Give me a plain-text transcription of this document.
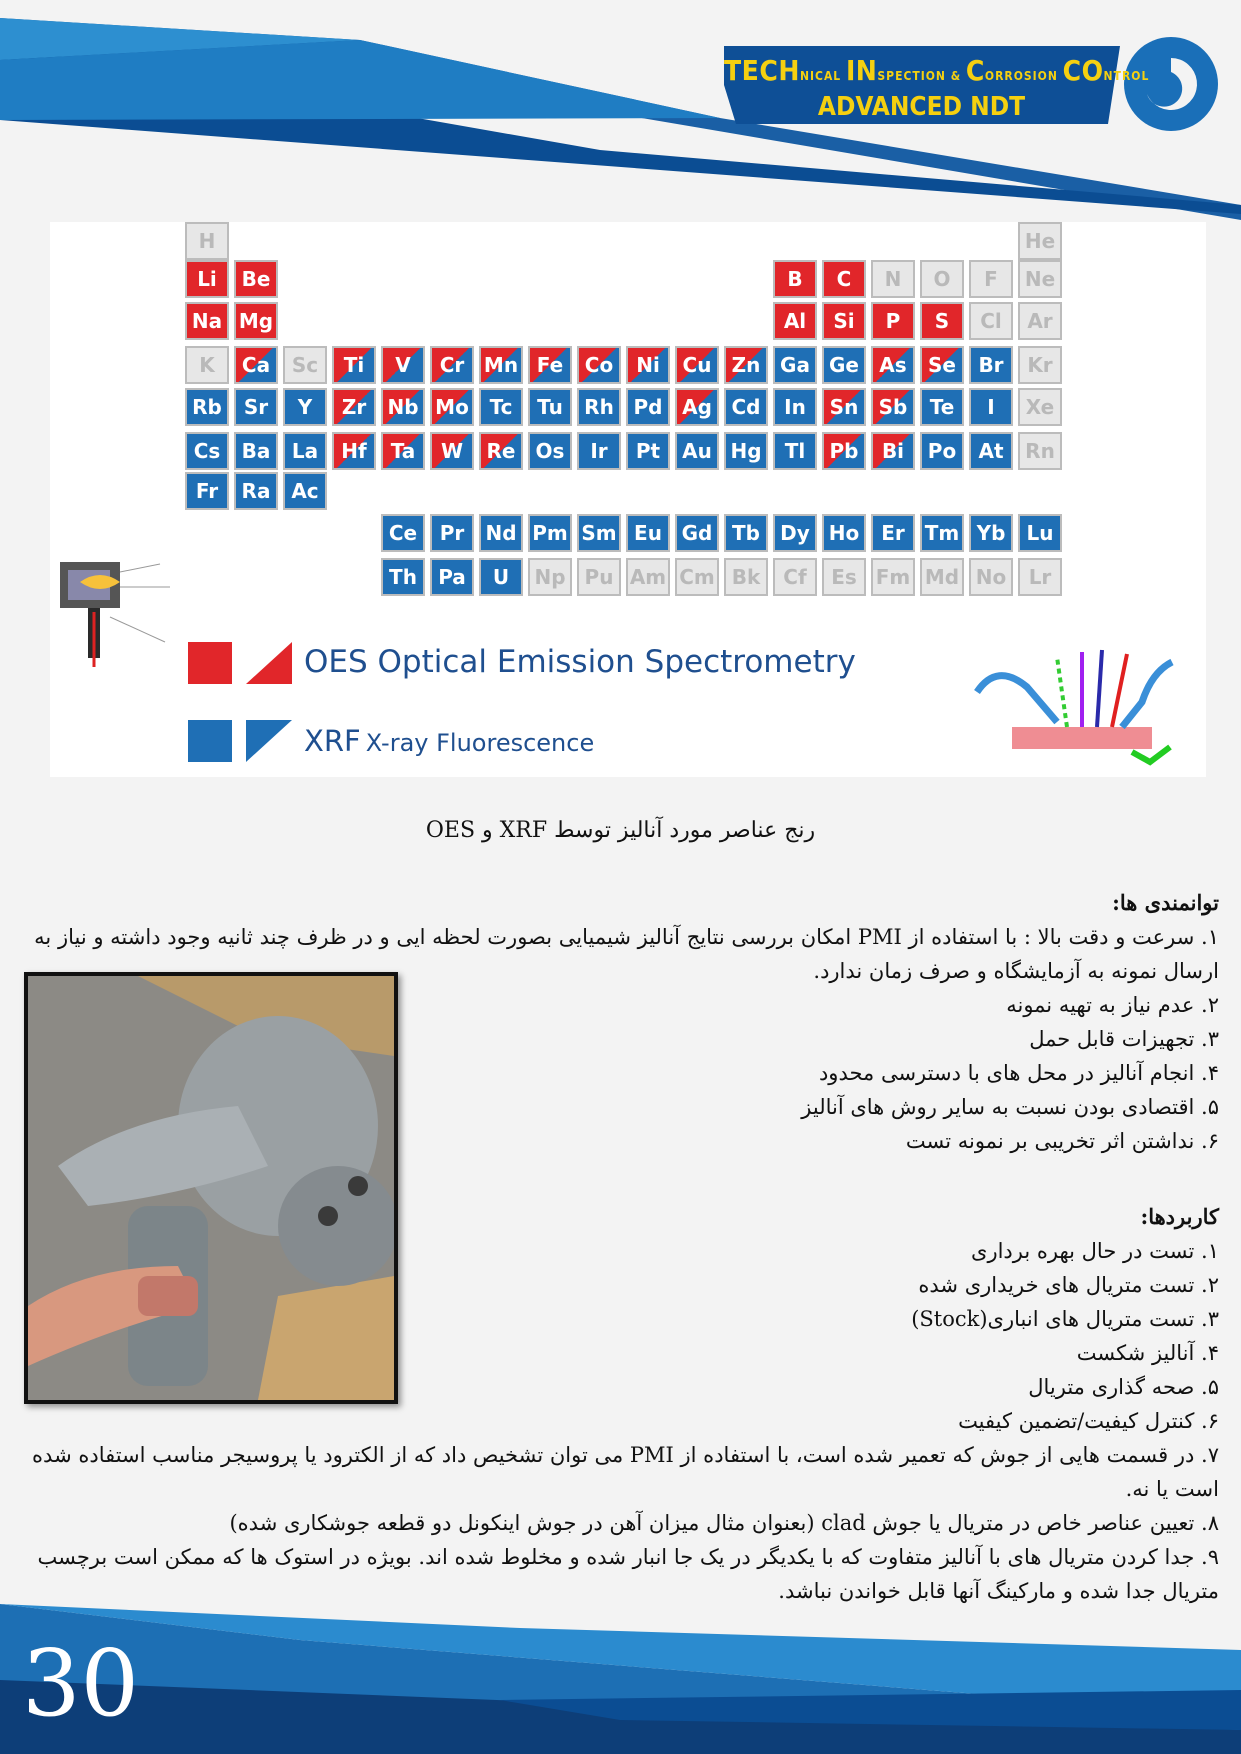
TECHNICAL INSPECTION & CORROSION CONTROL
ADVANCED NDT
H	He
Li	Be	B	C	N	O	F	Ne
Na Mg	Al	Si	P	S	Cl	Ar
K	Ca	Sc	Ti	V	Cr Mn Fe	Co	Ni	Cu	Zn Ga Ge	As	Se	Br	Kr
Rb	Sr	Y	Zr	Nb Mo	Tc	Tu	Rh Pd Ag Cd	In	Sn	Sb	Te	I	Xe
Cs	Ba	La	Hf	Ta	W	Re	Os	Ir	Pt	Au Hg	Tl	Pb	Bi	Po	At	Rn
Fr	Ra	Ac
Ce	Pr	Nd Pm Sm Eu Gd Tb	Dy Ho	Er Tm Yb	Lu
Th	Pa	U	Np Pu Am Cm Bk	Cf	Es Fm Md No	Lr
OES Optical Emission Spectrometry
XRF X-ray Fluorescence
رنج عناصر مورد آنالیز توسط XRF و OES

توانمندی ها:

۱. سرعت و دقت بالا : با استفاده از PMI امکان بررسی نتایج آنالیز شیمیایی بصورت لحظه ایی و در ظرف چند ثانیه وجود داشته و نیاز به ارسال نمونه به آزمایشگاه و صرف زمان ندارد.

۲. عدم نیاز به تهیه نمونه

۳. تجهیزات قابل حمل

۴. انجام آنالیز در محل های با دسترسی محدود

۵. اقتصادی بودن نسبت به سایر روش های آنالیز

۶. نداشتن اثر تخریبی بر نمونه تست

کاربردها:

۱. تست در حال بهره برداری

۲. تست متریال های خریداری شده

۳. تست متریال های انباری(Stock)

۴. آنالیز شکست

۵. صحه گذاری متریال

۶. کنترل کیفیت/تضمین کیفیت

۷. در قسمت هایی از جوش که تعمیر شده است، با استفاده از PMI می توان تشخیص داد که از الکترود یا پروسیجر مناسب استفاده شده است یا نه.

۸. تعیین عناصر خاص در متریال یا جوش clad (بعنوان مثال میزان آهن در جوش اینکونل دو قطعه جوشکاری شده)

۹. جدا کردن متریال های با آنالیز متفاوت که با یکدیگر در یک جا انبار شده و مخلوط شده اند. بویژه در استوک ها که ممکن است برچسب متریال جدا شده و مارکینگ آنها قابل خواندن نباشد.

30
